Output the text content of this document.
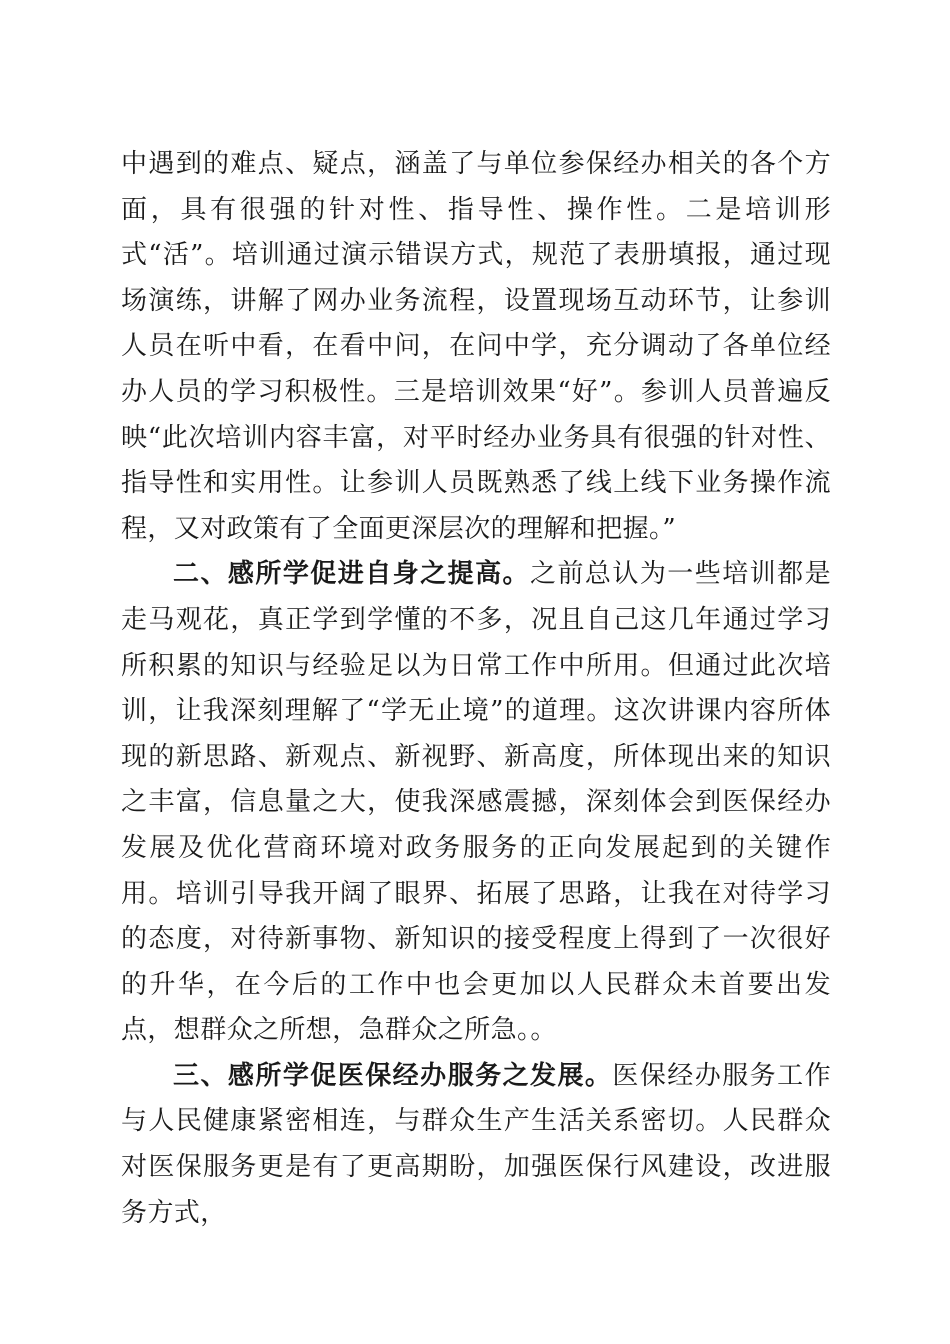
中遇到的难点、疑点，涵盖了与单位参保经办相关的各个方面，具有很强的针对性、指导性、操作性。二是培训形式“活”。培训通过演示错误方式，规范了表册填报，通过现场演练，讲解了网办业务流程，设置现场互动环节，让参训人员在听中看，在看中问，在问中学，充分调动了各单位经办人员的学习积极性。三是培训效果“好”。参训人员普遍反映“此次培训内容丰富，对平时经办业务具有很强的针对性、指导性和实用性。让参训人员既熟悉了线上线下业务操作流程，又对政策有了全面更深层次的理解和把握。”

二、感所学促进自身之提高。之前总认为一些培训都是走马观花，真正学到学懂的不多，况且自己这几年通过学习所积累的知识与经验足以为日常工作中所用。但通过此次培训，让我深刻理解了“学无止境”的道理。这次讲课内容所体现的新思路、新观点、新视野、新高度，所体现出来的知识之丰富，信息量之大，使我深感震撼，深刻体会到医保经办发展及优化营商环境对政务服务的正向发展起到的关键作用。培训引导我开阔了眼界、拓展了思路，让我在对待学习的态度，对待新事物、新知识的接受程度上得到了一次很好的升华，在今后的工作中也会更加以人民群众未首要出发点，想群众之所想，急群众之所急。。

三、感所学促医保经办服务之发展。医保经办服务工作与人民健康紧密相连，与群众生产生活关系密切。人民群众对医保服务更是有了更高期盼，加强医保行风建设，改进服务方式，
